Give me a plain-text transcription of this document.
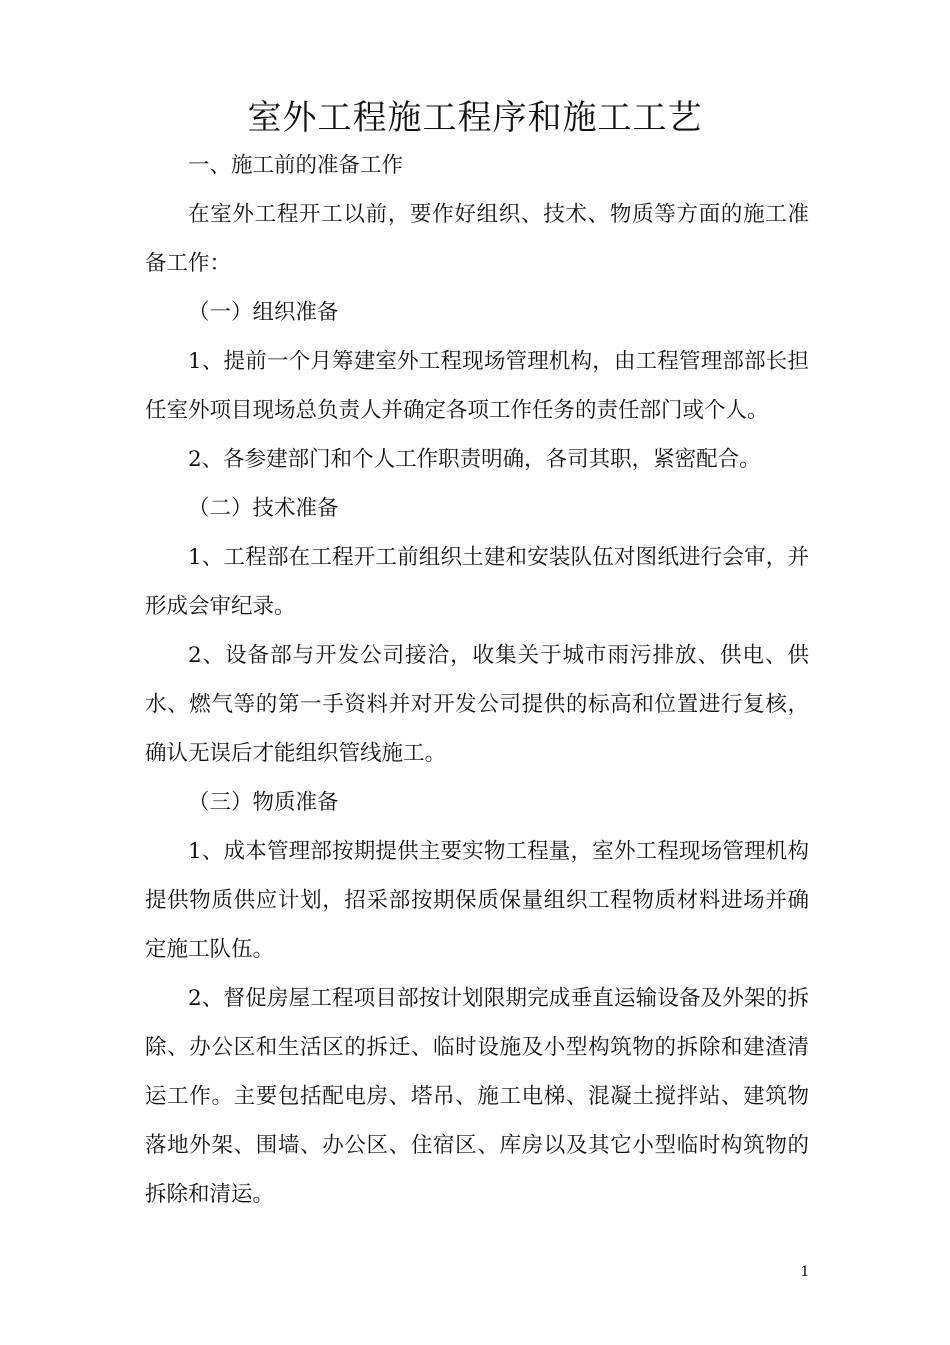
室外工程施工程序和施工工艺

一、施工前的准备工作

在室外工程开工以前，要作好组织、技术、物质等方面的施工准备工作：

（一）组织准备

1、提前一个月筹建室外工程现场管理机构，由工程管理部部长担任室外项目现场总负责人并确定各项工作任务的责任部门或个人。

2、各参建部门和个人工作职责明确，各司其职，紧密配合。

（二）技术准备

1、工程部在工程开工前组织土建和安装队伍对图纸进行会审，并形成会审纪录。

2、设备部与开发公司接洽，收集关于城市雨污排放、供电、供水、燃气等的第一手资料并对开发公司提供的标高和位置进行复核，确认无误后才能组织管线施工。

（三）物质准备

1、成本管理部按期提供主要实物工程量，室外工程现场管理机构提供物质供应计划，招采部按期保质保量组织工程物质材料进场并确定施工队伍。

2、督促房屋工程项目部按计划限期完成垂直运输设备及外架的拆除、办公区和生活区的拆迁、临时设施及小型构筑物的拆除和建渣清运工作。主要包括配电房、塔吊、施工电梯、混凝土搅拌站、建筑物落地外架、围墙、办公区、住宿区、库房以及其它小型临时构筑物的拆除和清运。

1
